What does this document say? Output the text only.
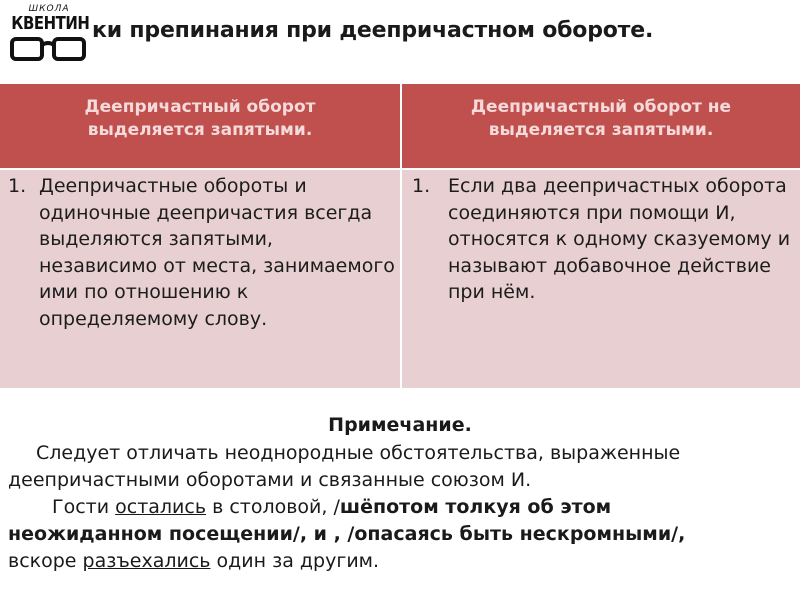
ШКОЛА
КВЕНТИН ки препинания при деепричастном обороте.
Деепричастный оборот выделяется запятыми.
Деепричастный оборот не выделяется запятыми.
1. Деепричастные обороты и одиночные деепричастия всегда выделяются запятыми, независимо от места, занимаемого ими по отношению к определяемому слову.
1. Если два деепричастных оборота соединяются при помощи И, относятся к одному сказуемому и называют добавочное действие при нём.
Примечание.
Следует отличать неоднородные обстоятельства, выраженные
деепричастными оборотами и связанные союзом И.
Гости остались в столовой, /шёпотом толкуя об этом
неожиданном посещении/, и , /опасаясь быть нескромными/,
вскоре разъехались один за другим.
